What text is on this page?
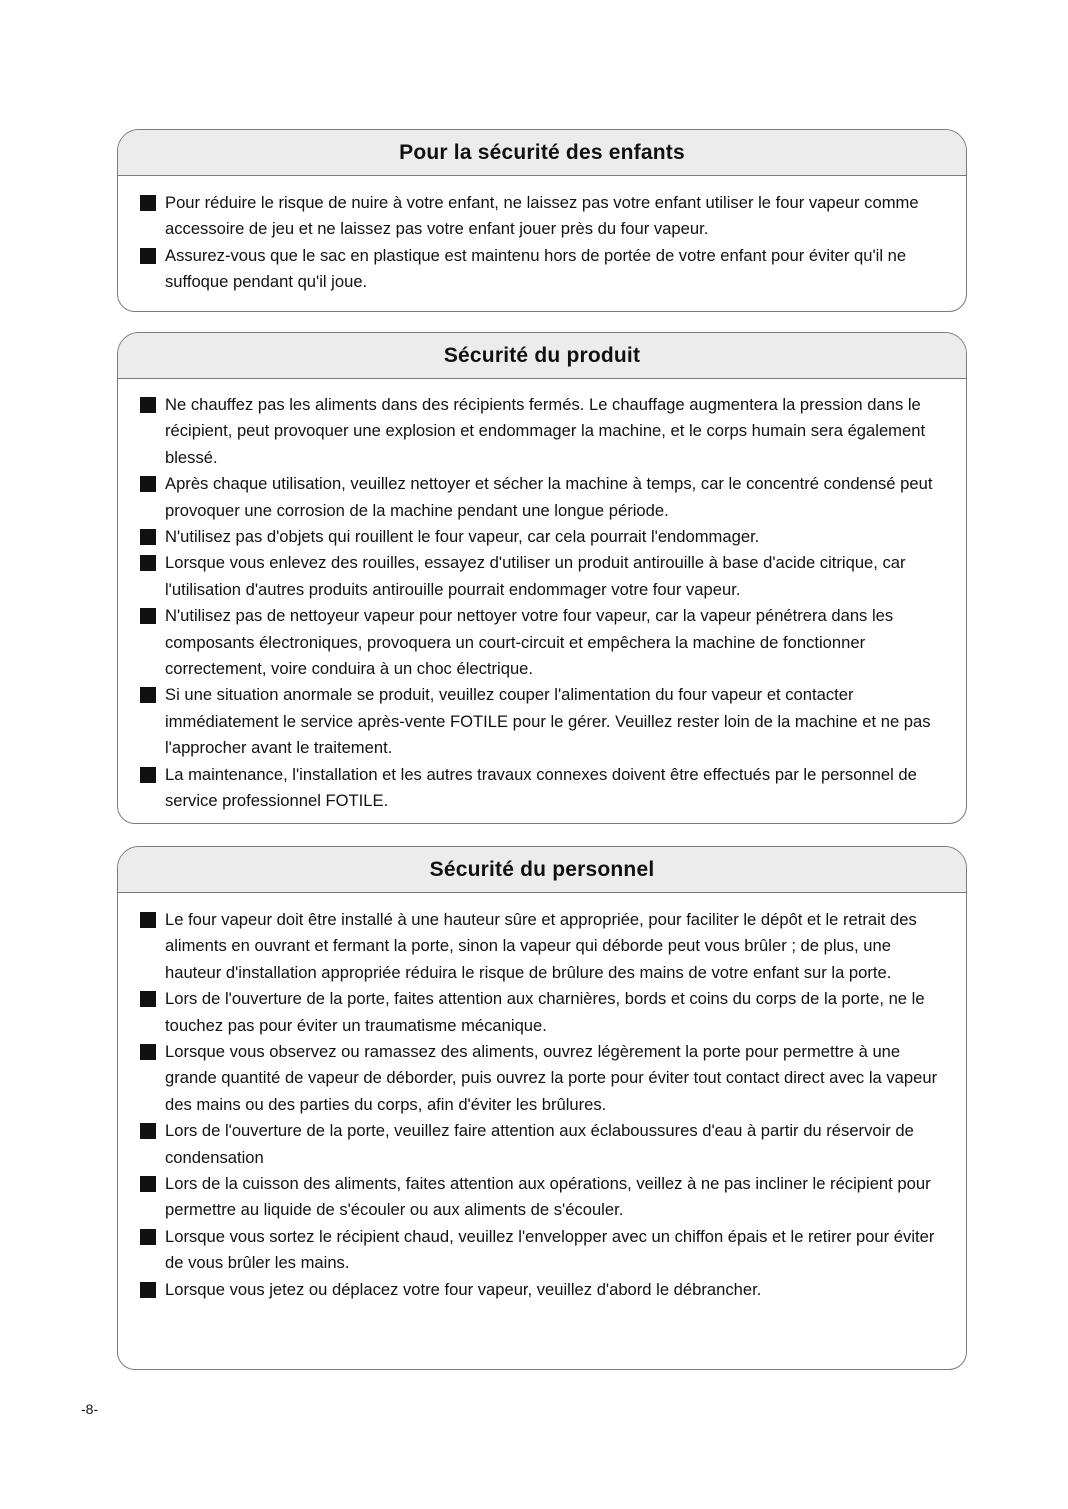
Pour la sécurité des enfants
Pour réduire le risque de nuire à votre enfant, ne laissez pas votre enfant utiliser le four vapeur comme accessoire de jeu et ne laissez pas votre enfant jouer près du four vapeur.
Assurez-vous que le sac en plastique est maintenu hors de portée de votre enfant pour éviter qu'il ne suffoque pendant qu'il joue.
Sécurité du produit
Ne chauffez pas les aliments dans des récipients fermés. Le chauffage augmentera la pression dans le récipient, peut provoquer une explosion et endommager la machine, et le corps humain sera également blessé.
Après chaque utilisation, veuillez nettoyer et sécher la machine à temps, car le concentré condensé peut provoquer une corrosion de la machine pendant une longue période.
N'utilisez pas d'objets qui rouillent le four vapeur, car cela pourrait l'endommager.
Lorsque vous enlevez des rouilles, essayez d'utiliser un produit antirouille à base d'acide citrique, car l'utilisation d'autres produits antirouille pourrait endommager votre four vapeur.
N'utilisez pas de nettoyeur vapeur pour nettoyer votre four vapeur, car la vapeur pénétrera dans les composants électroniques, provoquera un court-circuit et empêchera la machine de fonctionner correctement, voire conduira à un choc électrique.
Si une situation anormale se produit, veuillez couper l'alimentation du four vapeur et contacter immédiatement le service après-vente FOTILE pour le gérer. Veuillez rester loin de la machine et ne pas l'approcher avant le traitement.
La maintenance, l'installation et les autres travaux connexes doivent être effectués par le personnel de service professionnel FOTILE.
Sécurité du personnel
Le four vapeur doit être installé à une hauteur sûre et appropriée, pour faciliter le dépôt et le retrait des aliments en ouvrant et fermant la porte, sinon la vapeur qui déborde peut vous brûler ; de plus, une hauteur d'installation appropriée réduira le risque de brûlure des mains de votre enfant sur la porte.
Lors de l'ouverture de la porte, faites attention aux charnières, bords et coins du corps de la porte, ne le touchez pas pour éviter un traumatisme mécanique.
Lorsque vous observez ou ramassez des aliments, ouvrez légèrement la porte pour permettre à une grande quantité de vapeur de déborder, puis ouvrez la porte pour éviter tout contact direct avec la vapeur des mains ou des parties du corps, afin d'éviter les brûlures.
Lors de l'ouverture de la porte, veuillez faire attention aux éclaboussures d'eau à partir du réservoir de condensation
Lors de la cuisson des aliments, faites attention aux opérations, veillez à ne pas incliner le récipient pour permettre au liquide de s'écouler ou aux aliments de s'écouler.
Lorsque vous sortez le récipient chaud, veuillez l'envelopper avec un chiffon épais et le retirer pour éviter de vous brûler les mains.
Lorsque vous jetez ou déplacez votre four vapeur, veuillez d'abord le débrancher.
-8-
